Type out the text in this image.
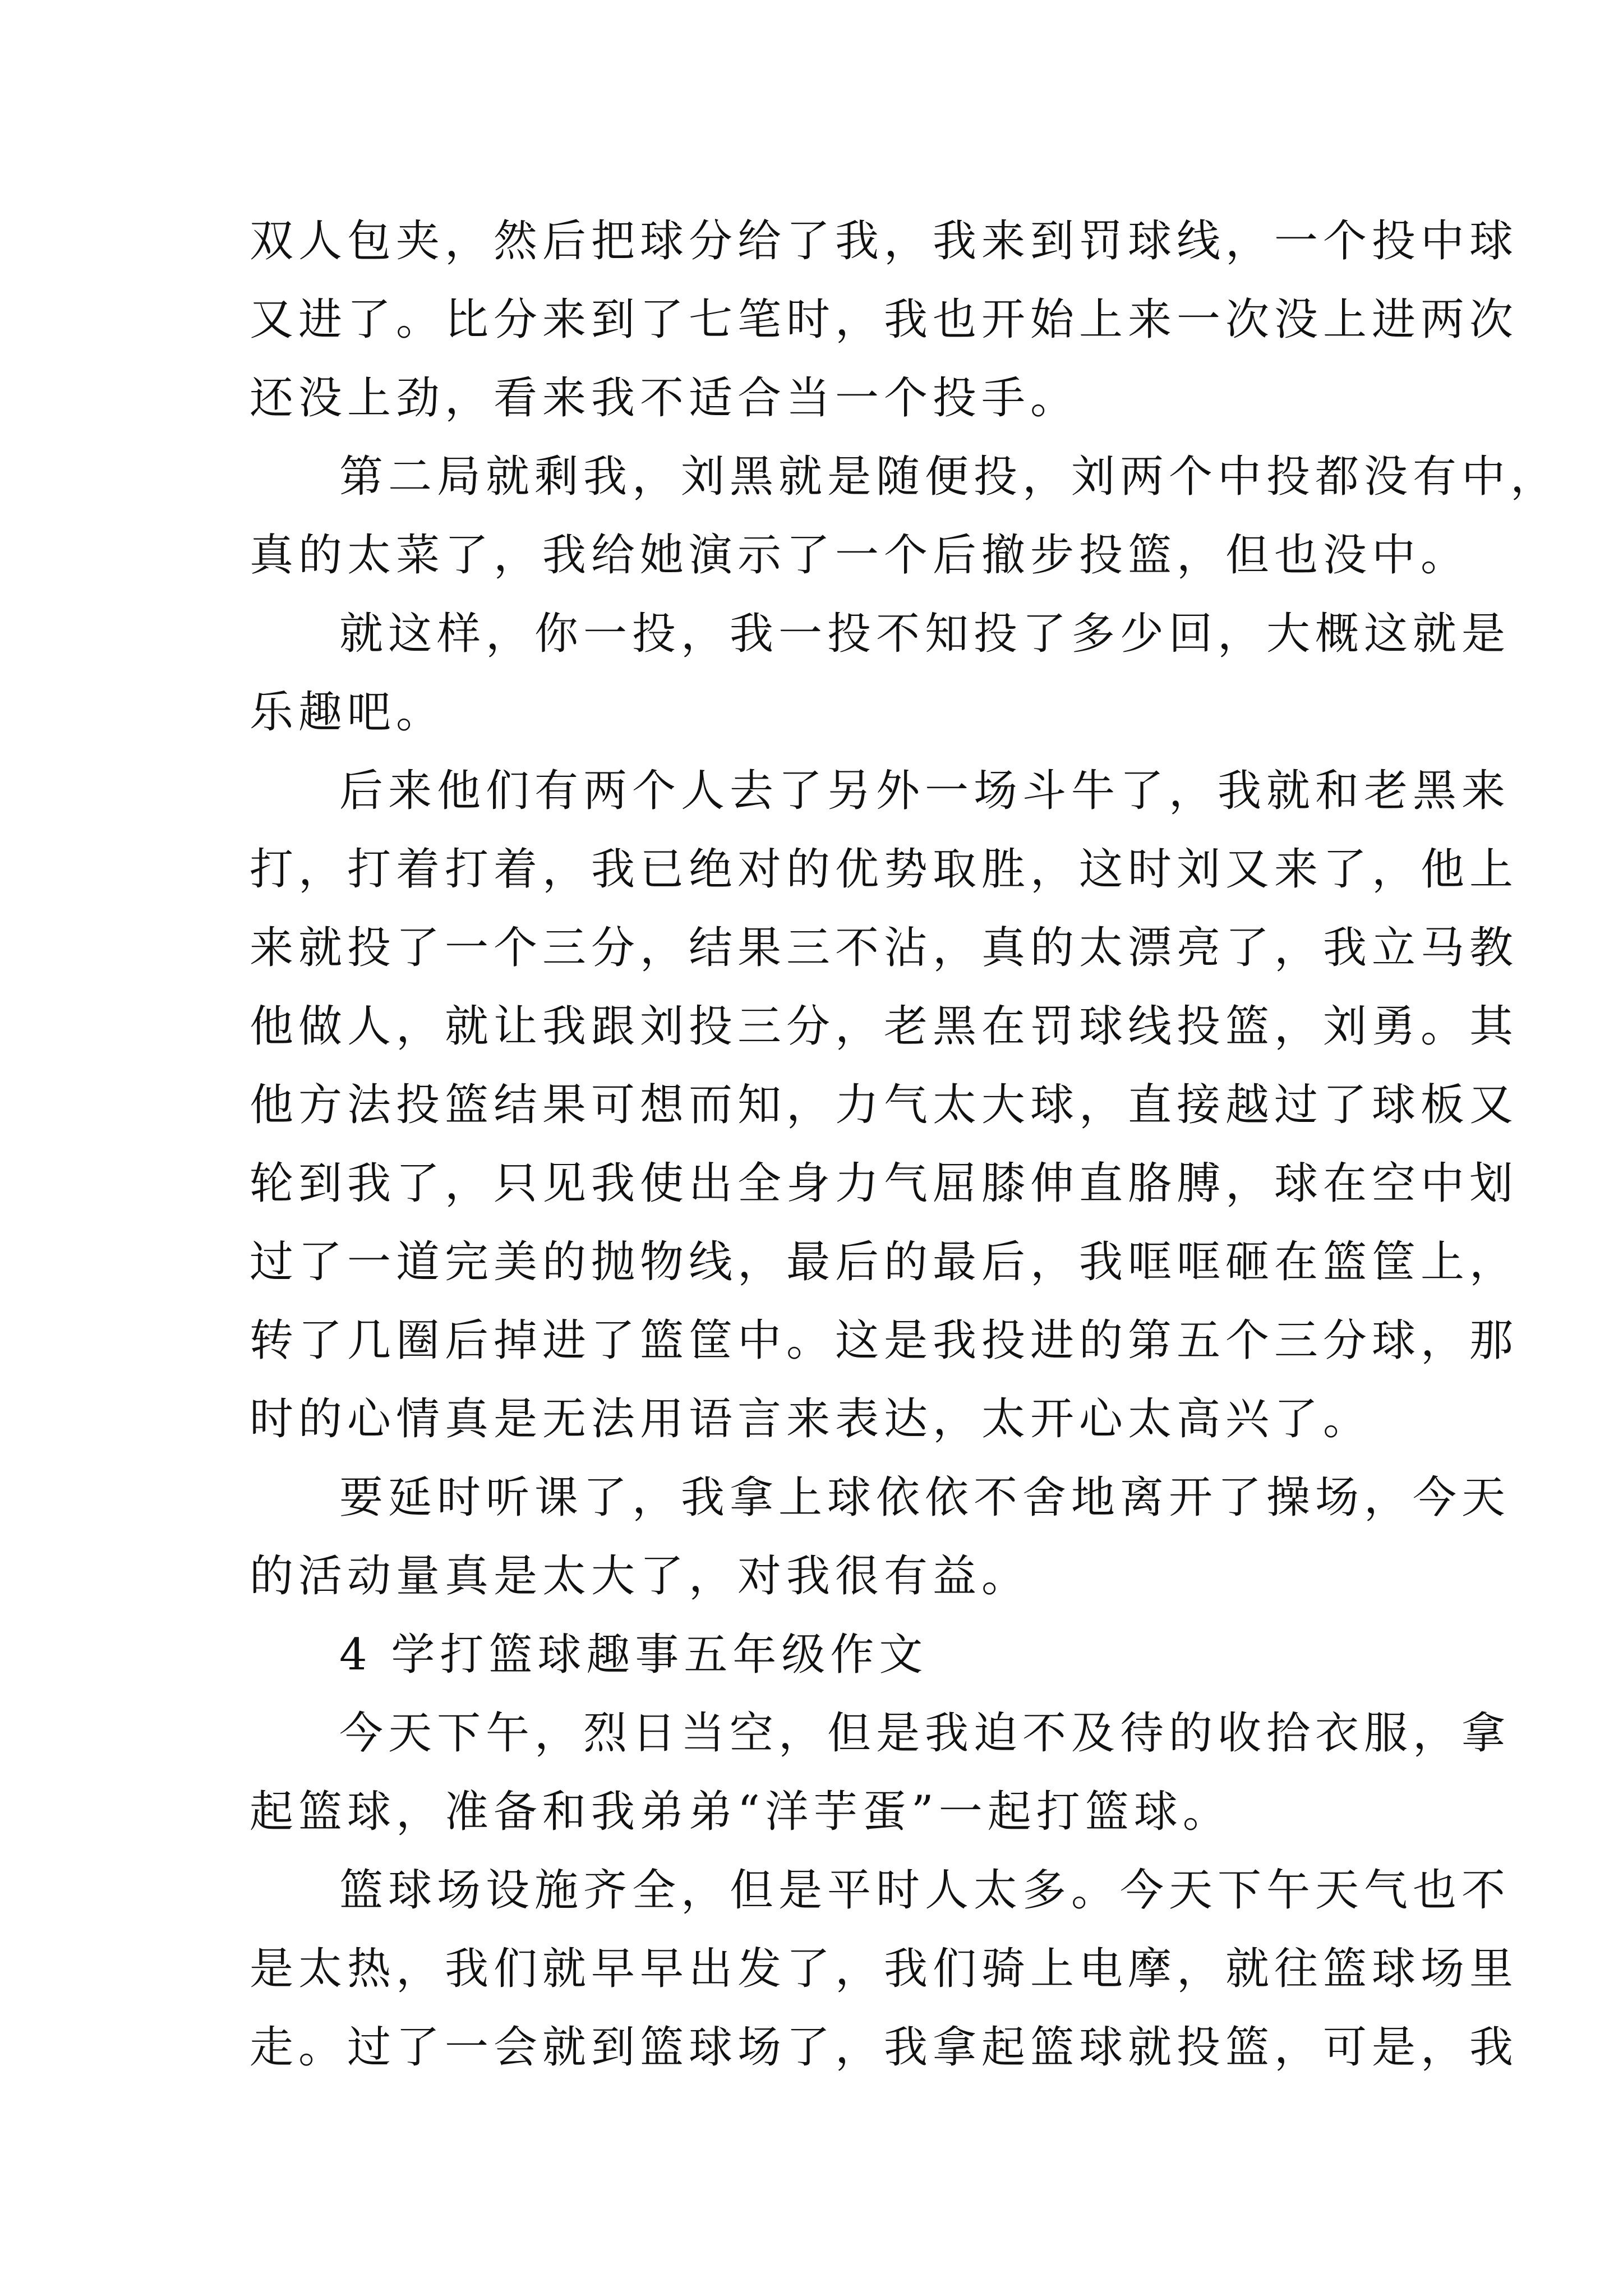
双人包夹，然后把球分给了我，我来到罚球线，一个投中球
又进了。比分来到了七笔时，我也开始上来一次没上进两次
还没上劲，看来我不适合当一个投手。
第二局就剩我，刘黑就是随便投，刘两个中投都没有中，
真的太菜了，我给她演示了一个后撤步投篮，但也没中。
就这样，你一投，我一投不知投了多少回，大概这就是
乐趣吧。
后来他们有两个人去了另外一场斗牛了，我就和老黑来
打，打着打着，我已绝对的优势取胜，这时刘又来了，他上
来就投了一个三分，结果三不沾，真的太漂亮了，我立马教
他做人，就让我跟刘投三分，老黑在罚球线投篮，刘勇。其
他方法投篮结果可想而知，力气太大球，直接越过了球板又
轮到我了，只见我使出全身力气屈膝伸直胳膊，球在空中划
过了一道完美的抛物线，最后的最后，我哐哐砸在篮筐上，
转了几圈后掉进了篮筐中。这是我投进的第五个三分球，那
时的心情真是无法用语言来表达，太开心太高兴了。
要延时听课了，我拿上球依依不舍地离开了操场，今天
的活动量真是太大了，对我很有益。
4 学打篮球趣事五年级作文
今天下午，烈日当空，但是我迫不及待的收拾衣服，拿
起篮球，准备和我弟弟“洋芋蛋”一起打篮球。
篮球场设施齐全，但是平时人太多。今天下午天气也不
是太热，我们就早早出发了，我们骑上电摩，就往篮球场里
走。过了一会就到篮球场了，我拿起篮球就投篮，可是，我
